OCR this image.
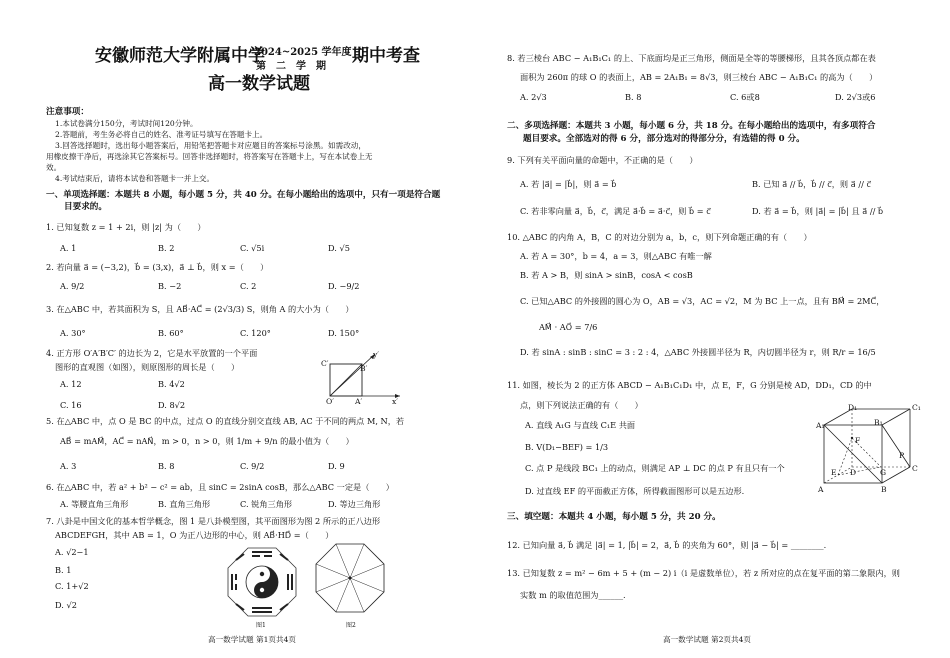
安徽师范大学附属中学
2024~2025 学年度
第　二　学　期
期中考查
高一数学试题
注意事项：
1.本试卷满分150分，考试时间120分钟。
2.答题前，考生务必将自己的姓名、准考证号填写在答题卡上。
3.回答选择题时，选出每小题答案后，用铅笔把答题卡对应题目的答案标号涂黑。如需改动，
用橡皮擦干净后，再选涂其它答案标号。回答非选择题时，将答案写在答题卡上，写在本试卷上无
效。
4.考试结束后，请将本试卷和答题卡一并上交。
一、单项选择题：本题共 8 小题，每小题 5 分，共 40 分。在每小题给出的选项中，只有一项是符合题
目要求的。
1. 已知复数 z = 1 + 2i，则 |z| 为（　　）
A. 1	B. 2	C. √5i	D. √5
2. 若向量 a⃗ = (−3,2)，b⃗ = (3,x)，a⃗ ⊥ b⃗，则 x =（　　）
A. 9/2	B. −2	C. 2	D. −9/2
3. 在△ABC 中，若其面积为 S，且 AB⃗·AC⃗ = (2√3/3) S，则角 A 的大小为（　　）
A. 30°	B. 60°	C. 120°	D. 150°
4. 正方形 O′A′B′C′ 的边长为 2，它是水平放置的一个平面
图形的直观图（如图），则原图形的周长是（　　）
A. 12	B. 4√2
C. 16	D. 8√2
y′
C′
B′
O′	A′	x′
5. 在△ABC 中，点 O 是 BC 的中点，过点 O 的直线分别交直线 AB, AC 于不同的两点 M, N，若
AB⃗ = mAM⃗，AC⃗ = nAN⃗，m > 0，n > 0，则 1/m + 9/n 的最小值为（　　）
A. 3	B. 8	C. 9/2	D. 9
6. 在△ABC 中，若 a² + b² − c² = ab，且 sinC = 2sinA cosB，那么△ABC 一定是（　　）
A. 等腰直角三角形	B. 直角三角形	C. 锐角三角形	D. 等边三角形
7. 八卦是中国文化的基本哲学概念，图 1 是八卦模型图，其平面图形为图 2 所示的正八边形
ABCDEFGH，其中 AB = 1，O 为正八边形的中心，则 AB⃗·HD⃗ =（　　）
A. √2−1
B. 1
C. 1+√2
D. √2
图1	图2
高一数学试题 第1页共4页
8. 若三棱台 ABC − A₁B₁C₁ 的上、下底面均是正三角形，侧面是全等的等腰梯形，且其各顶点都在表
面积为 260π 的球 O 的表面上，AB = 2A₁B₁ = 8√3，则三棱台 ABC − A₁B₁C₁ 的高为（　　）
A. 2√3	B. 8	C. 6或8	D. 2√3或6
二、多项选择题：本题共 3 小题，每小题 6 分，共 18 分。在每小题给出的选项中，有多项符合
题目要求。全部选对的得 6 分，部分选对的得部分分，有选错的得 0 分。
9. 下列有关平面向量的命题中，不正确的是（　　）
A. 若 |a⃗| = |b⃗|，则 a⃗ = b⃗	B. 已知 a⃗ // b⃗，b⃗ // c⃗，则 a⃗ // c⃗
C. 若非零向量 a⃗，b⃗，c⃗，满足 a⃗·b⃗ = a⃗·c⃗，则 b⃗ = c⃗	D. 若 a⃗ = b⃗，则 |a⃗| = |b⃗| 且 a⃗ // b⃗
10. △ABC 的内角 A，B，C 的对边分别为 a，b，c，则下列命题正确的有（　　）
A. 若 A = 30°，b = 4，a = 3，则△ABC 有唯一解
B. 若 A > B，则 sinA > sinB，cosA < cosB
C. 已知△ABC 的外接圆的圆心为 O，AB = √3，AC = √2，M 为 BC 上一点，且有 BM⃗ = 2MC⃗，
AM⃗ · AO⃗ = 7/6
D. 若 sinA : sinB : sinC = 3 : 2 : 4，△ABC 外接圆半径为 R，内切圆半径为 r，则 R/r = 16/5
11. 如图，棱长为 2 的正方体 ABCD − A₁B₁C₁D₁ 中，点 E，F，G 分别是棱 AD，DD₁，CD 的中
点，则下列说法正确的有（　　）
A. 直线 A₁G 与直线 C₁E 共面
B. V(D₁−BEF) = 1/3
C. 点 P 是线段 BC₁ 上的动点，则满足 AP ⊥ DC 的点 P 有且只有一个
D. 过直线 EF 的平面截正方体，所得截面图形可以是五边形.
D₁	C₁
A₁	B₁
F
P
E D	G	C
A	B
三、填空题：本题共 4 小题，每小题 5 分，共 20 分。
12. 已知向量 a⃗, b⃗ 满足 |a⃗| = 1, |b⃗| = 2，a⃗, b⃗ 的夹角为 60°，则 |a⃗ − b⃗| = ________.
13. 已知复数 z = m² − 6m + 5 + (m − 2) i（i 是虚数单位），若 z 所对应的点在复平面的第二象限内，则
实数 m 的取值范围为______.
高一数学试题 第2页共4页
